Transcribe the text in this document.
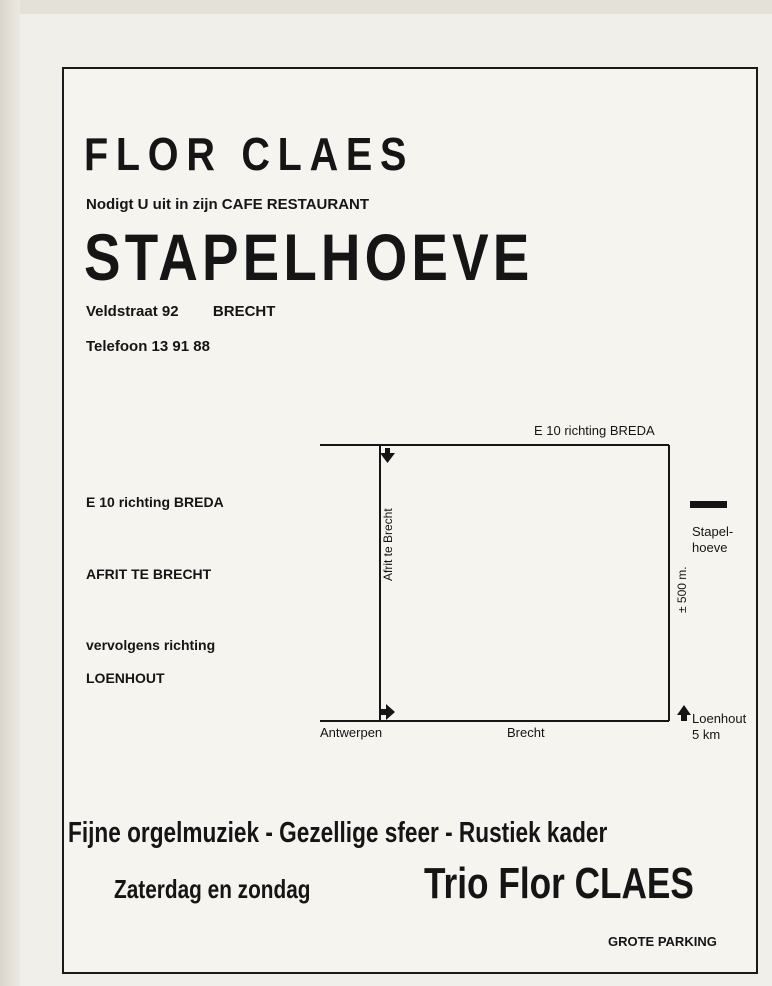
FLOR CLAES
Nodigt U uit in zijn CAFE RESTAURANT
STAPELHOEVE
Veldstraat 92 BRECHT
Telefoon 13 91 88
E 10 richting BREDA
AFRIT TE BRECHT
vervolgens richting
LOENHOUT
E 10 richting BREDA
Afrit te Brecht
Antwerpen	Brecht
Stapel-
hoeve
± 500 m.
Loenhout
5 km
Fijne orgelmuziek - Gezellige sfeer - Rustiek kader
Zaterdag en zondag	Trio Flor CLAES
GROTE PARKING
